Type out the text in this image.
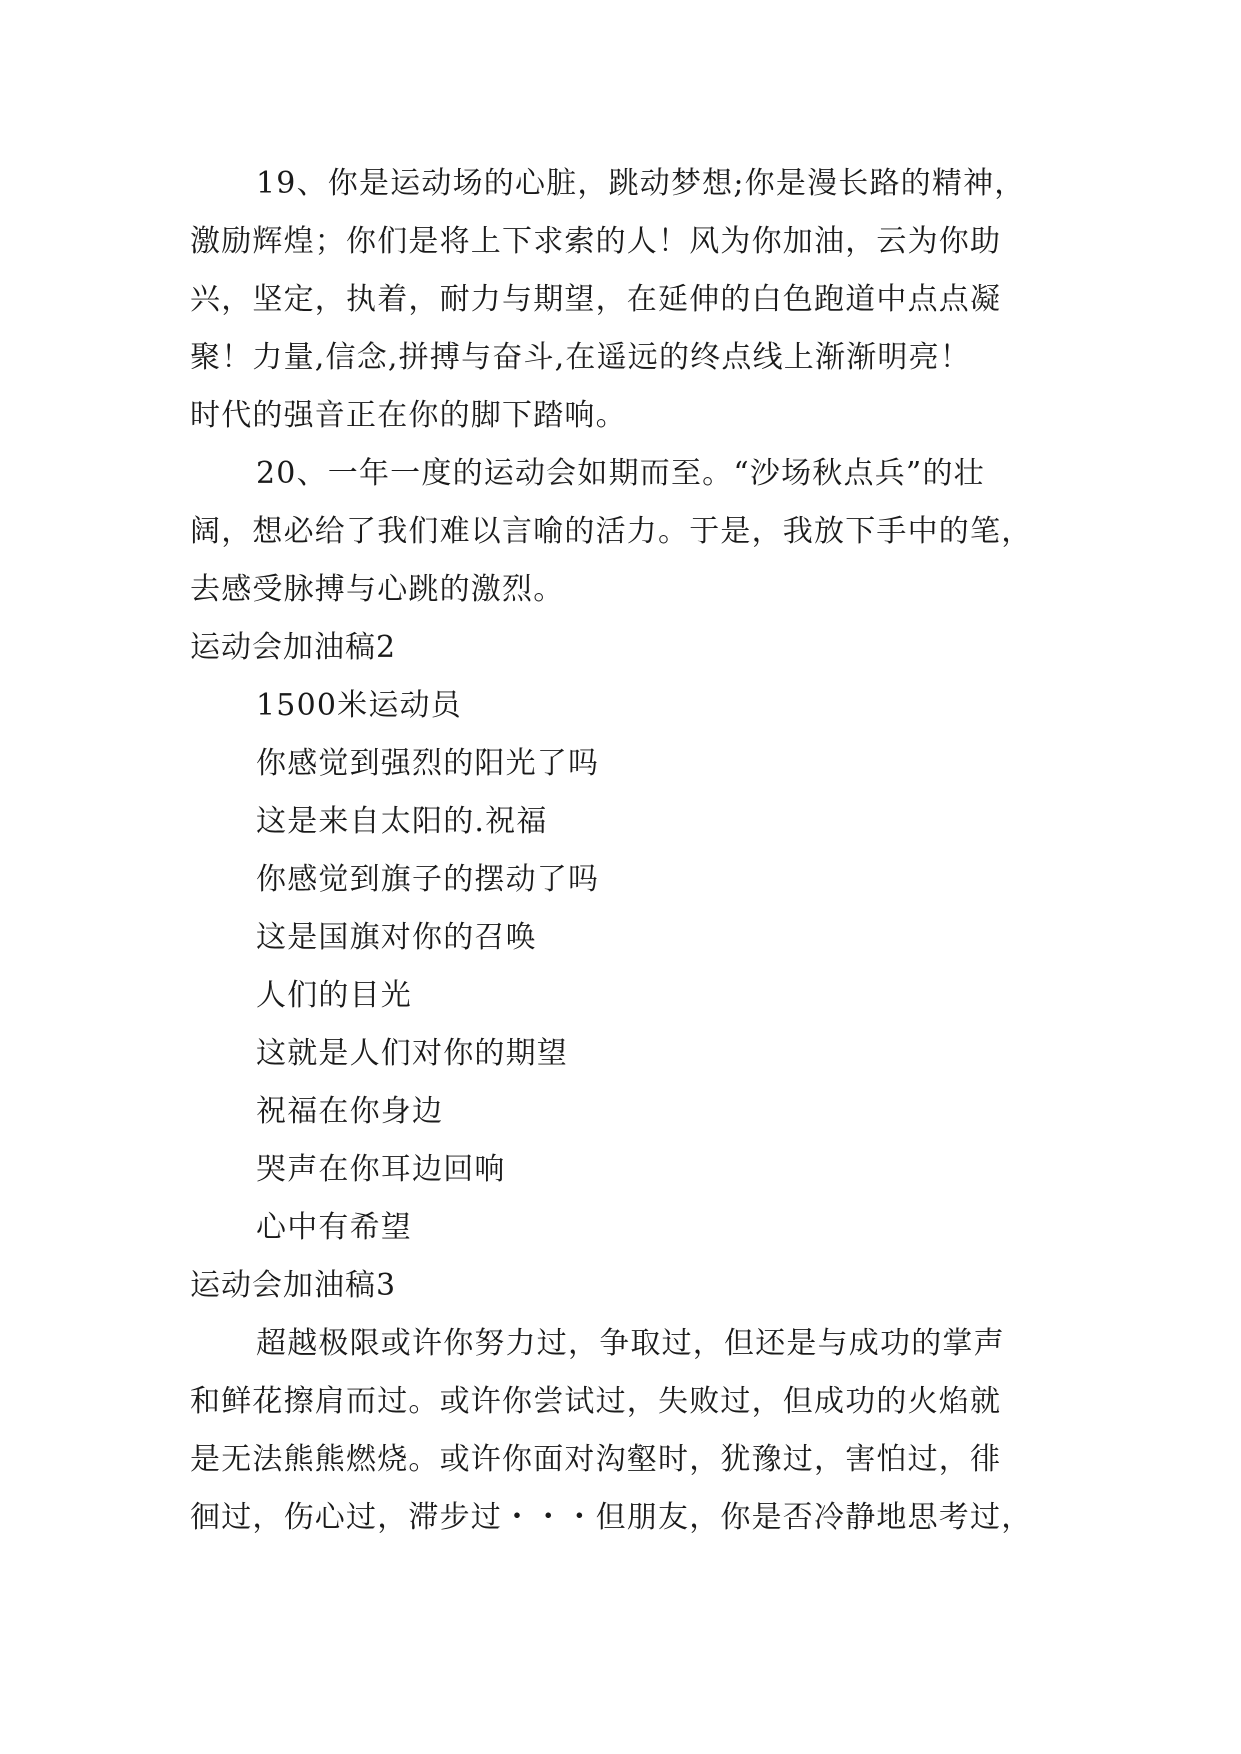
19、你是运动场的心脏，跳动梦想;你是漫长路的精神，
激励辉煌；你们是将上下求索的人！风为你加油，云为你助
兴，坚定，执着，耐力与期望，在延伸的白色跑道中点点凝
聚！力量,信念,拼搏与奋斗,在遥远的终点线上渐渐明亮！
时代的强音正在你的脚下踏响。
20、一年一度的运动会如期而至。“沙场秋点兵”的壮
阔，想必给了我们难以言喻的活力。于是，我放下手中的笔，
去感受脉搏与心跳的激烈。
运动会加油稿2
1500米运动员
你感觉到强烈的阳光了吗
这是来自太阳的.祝福
你感觉到旗子的摆动了吗
这是国旗对你的召唤
人们的目光
这就是人们对你的期望
祝福在你身边
哭声在你耳边回响
心中有希望
运动会加油稿3
超越极限或许你努力过，争取过，但还是与成功的掌声
和鲜花擦肩而过。或许你尝试过，失败过，但成功的火焰就
是无法熊熊燃烧。或许你面对沟壑时，犹豫过，害怕过，徘
徊过，伤心过，滞步过・・・但朋友，你是否冷静地思考过，
